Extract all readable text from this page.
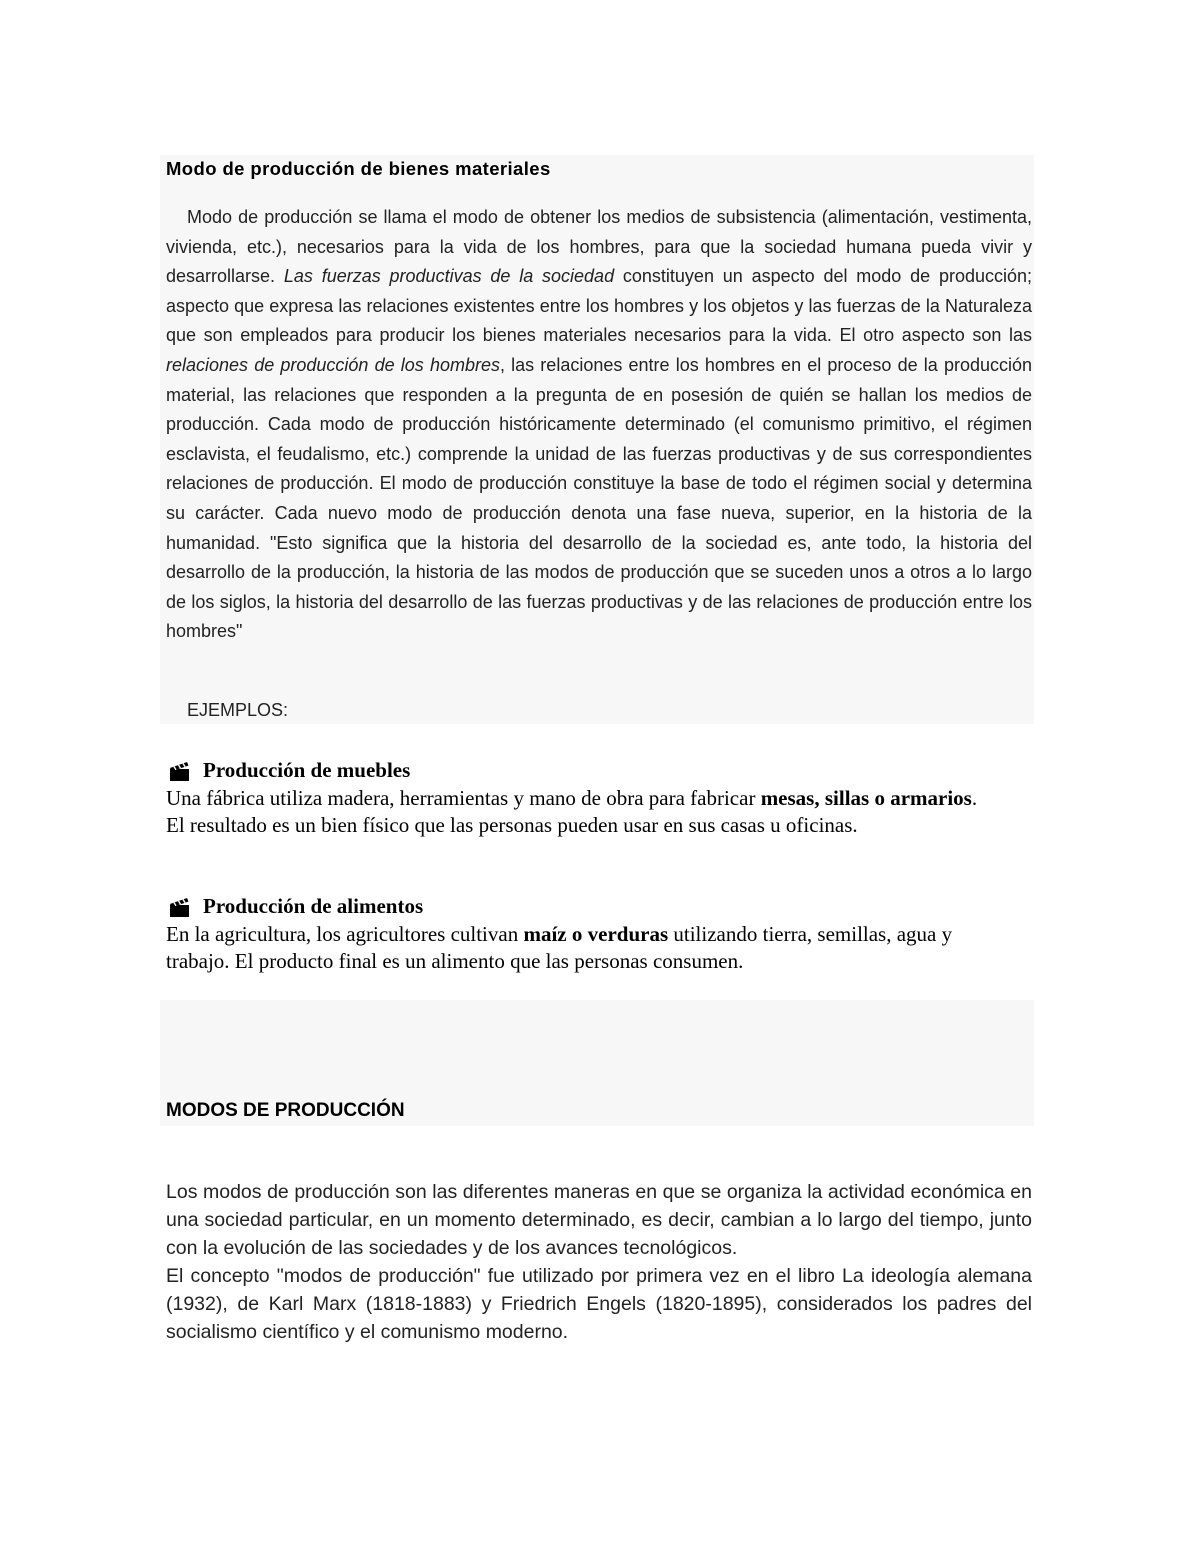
Modo de producción de bienes materiales
Modo de producción se llama el modo de obtener los medios de subsistencia (alimentación, vestimenta, vivienda, etc.), necesarios para la vida de los hombres, para que la sociedad humana pueda vivir y desarrollarse. Las fuerzas productivas de la sociedad constituyen un aspecto del modo de producción; aspecto que expresa las relaciones existentes entre los hombres y los objetos y las fuerzas de la Naturaleza que son empleados para producir los bienes materiales necesarios para la vida. El otro aspecto son las relaciones de producción de los hombres, las relaciones entre los hombres en el proceso de la producción material, las relaciones que responden a la pregunta de en posesión de quién se hallan los medios de producción. Cada modo de producción históricamente determinado (el comunismo primitivo, el régimen esclavista, el feudalismo, etc.) comprende la unidad de las fuerzas productivas y de sus correspondientes relaciones de producción. El modo de producción constituye la base de todo el régimen social y determina su carácter. Cada nuevo modo de producción denota una fase nueva, superior, en la historia de la humanidad. "Esto significa que la historia del desarrollo de la sociedad es, ante todo, la historia del desarrollo de la producción, la historia de las modos de producción que se suceden unos a otros a lo largo de los siglos, la historia del desarrollo de las fuerzas productivas y de las relaciones de producción entre los hombres"
EJEMPLOS:
Producción de muebles
Una fábrica utiliza madera, herramientas y mano de obra para fabricar mesas, sillas o armarios. El resultado es un bien físico que las personas pueden usar en sus casas u oficinas.
Producción de alimentos
En la agricultura, los agricultores cultivan maíz o verduras utilizando tierra, semillas, agua y trabajo. El producto final es un alimento que las personas consumen.
MODOS DE PRODUCCIÓN

Los modos de producción son las diferentes maneras en que se organiza la actividad económica en una sociedad particular, en un momento determinado, es decir, cambian a lo largo del tiempo, junto con la evolución de las sociedades y de los avances tecnológicos.

El concepto "modos de producción" fue utilizado por primera vez en el libro La ideología alemana (1932), de Karl Marx (1818-1883) y Friedrich Engels (1820-1895), considerados los padres del socialismo científico y el comunismo moderno.
